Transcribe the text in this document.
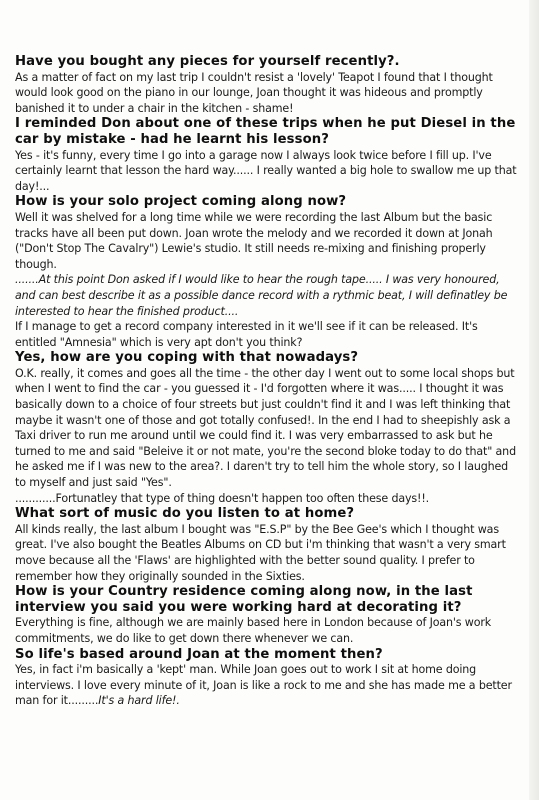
Have you bought any pieces for yourself recently?.

As a matter of fact on my last trip I couldn't resist a 'lovely' Teapot I found that I thought would look good on the piano in our lounge, Joan thought it was hideous and promptly banished it to under a chair in the kitchen - shame!

I reminded Don about one of these trips when he put Diesel in the car by mistake - had he learnt his lesson?

Yes - it's funny, every time I go into a garage now I always look twice before I fill up. I've certainly learnt that lesson the hard way...... I really wanted a big hole to swallow me up that day!...

How is your solo project coming along now?

Well it was shelved for a long time while we were recording the last Album but the basic tracks have all been put down. Joan wrote the melody and we recorded it down at Jonah ("Don't Stop The Cavalry") Lewie's studio. It still needs re-mixing and finishing properly though.

.......At this point Don asked if I would like to hear the rough tape..... I was very honoured, and can best describe it as a possible dance record with a rythmic beat, I will definatley be interested to hear the finished product....

If I manage to get a record company interested in it we'll see if it can be released. It's entitled "Amnesia" which is very apt don't you think?

Yes, how are you coping with that nowadays?

O.K. really, it comes and goes all the time - the other day I went out to some local shops but when I went to find the car - you guessed it - I'd forgotten where it was..... I thought it was basically down to a choice of four streets but just couldn't find it and I was left thinking that maybe it wasn't one of those and got totally confused!. In the end I had to sheepishly ask a Taxi driver to run me around until we could find it. I was very embarrassed to ask but he turned to me and said "Beleive it or not mate, you're the second bloke today to do that" and he asked me if I was new to the area?. I daren't try to tell him the whole story, so I laughed to myself and just said "Yes".

............Fortunatley that type of thing doesn't happen too often these days!!.

What sort of music do you listen to at home?

All kinds really, the last album I bought was "E.S.P" by the Bee Gee's which I thought was great. I've also bought the Beatles Albums on CD but i'm thinking that wasn't a very smart move because all the 'Flaws' are highlighted with the better sound quality. I prefer to remember how they originally sounded in the Sixties.

How is your Country residence coming along now, in the last interview you said you were working hard at decorating it?

Everything is fine, although we are mainly based here in London because of Joan's work commitments, we do like to get down there whenever we can.

So life's based around Joan at the moment then?

Yes, in fact i'm basically a 'kept' man. While Joan goes out to work I sit at home doing interviews. I love every minute of it, Joan is like a rock to me and she has made me a better man for it.........It's a hard life!.
